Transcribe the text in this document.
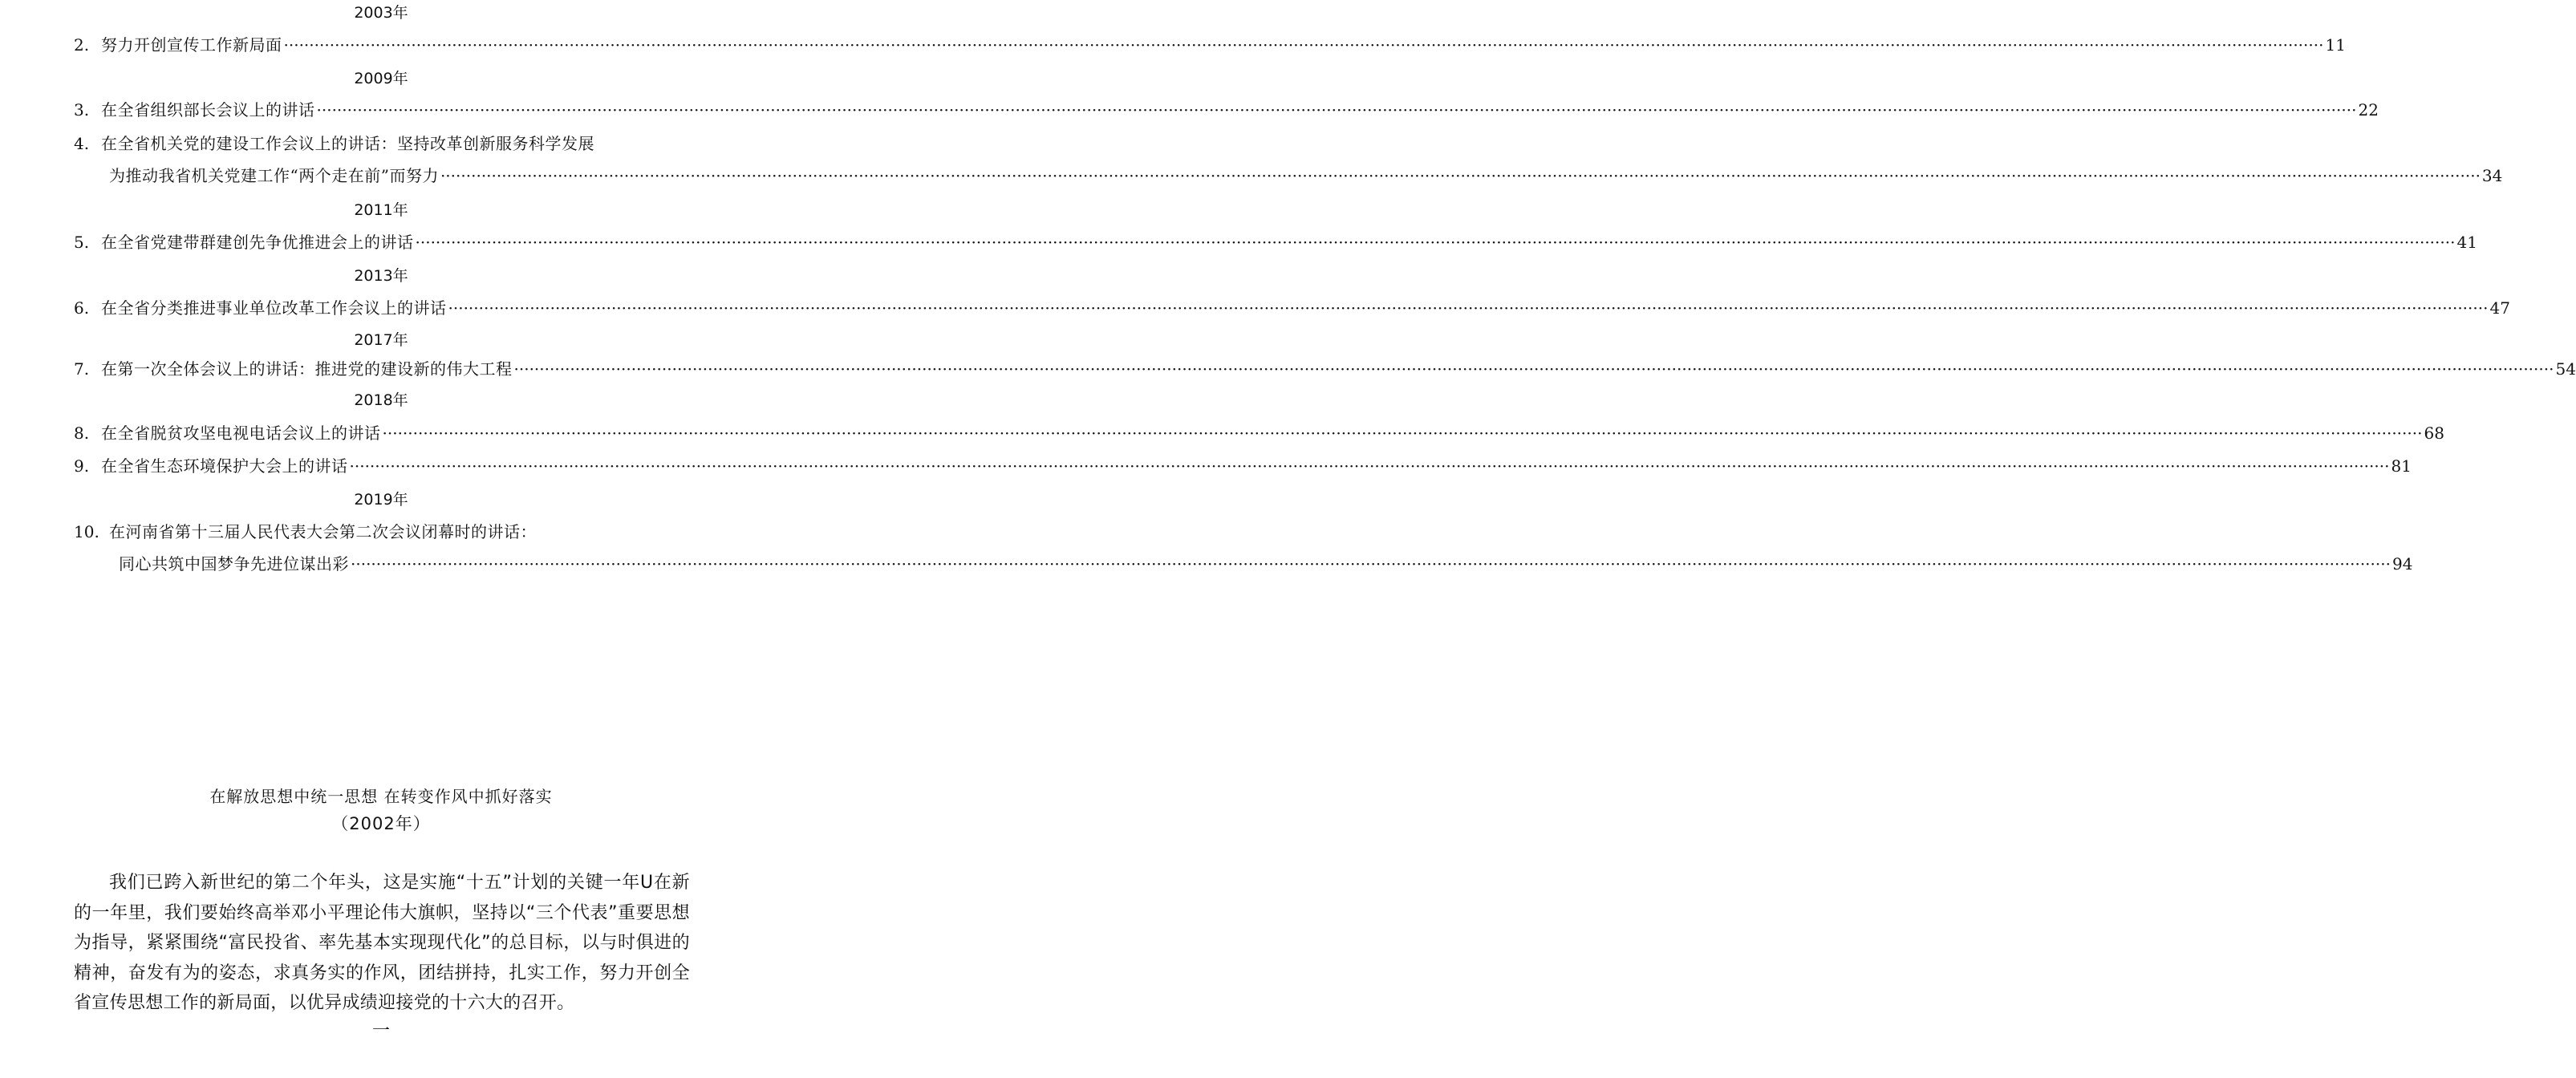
2003年
2. 努力开创宣传工作新局面 ················································································································································································································································································································································································································ 11
2009年
3. 在全省组织部长会议上的讲话 ················································································································································································································································································································································································································ 22
4. 在全省机关党的建设工作会议上的讲话：坚持改革创新服务科学发展
为推动我省机关党建工作“两个走在前”而努力 ················································································································································································································································································································································································································ 34
2011年
5. 在全省党建带群建创先争优推进会上的讲话 ················································································································································································································································································································································································································ 41
2013年
6. 在全省分类推进事业单位改革工作会议上的讲话 ················································································································································································································································································································································································································ 47
2017年
7. 在第一次全体会议上的讲话：推进党的建设新的伟大工程 ················································································································································································································································································································································································································ 54
2018年
8. 在全省脱贫攻坚电视电话会议上的讲话 ················································································································································································································································································································································································································ 68
9. 在全省生态环境保护大会上的讲话 ················································································································································································································································································································································································································ 81
2019年
10. 在河南省第十三届人民代表大会第二次会议闭幕时的讲话：
同心共筑中国梦争先进位谋出彩 ················································································································································································································································································································································································································ 94
在解放思想中统一思想 在转变作风中抓好落实
（2002年）
我们已跨入新世纪的第二个年头，这是实施“十五”计划的关键一年U在新的一年里，我们要始终高举邓小平理论伟大旗帜，坚持以“三个代表”重要思想为指导，紧紧围绕“富民投省、率先基本实现现代化”的总目标，以与时俱进的精神，奋发有为的姿态，求真务实的作风，团结拼持，扎实工作，努力开创全省宣传思想工作的新局面，以优异成绩迎接党的十六大的召开。
一
